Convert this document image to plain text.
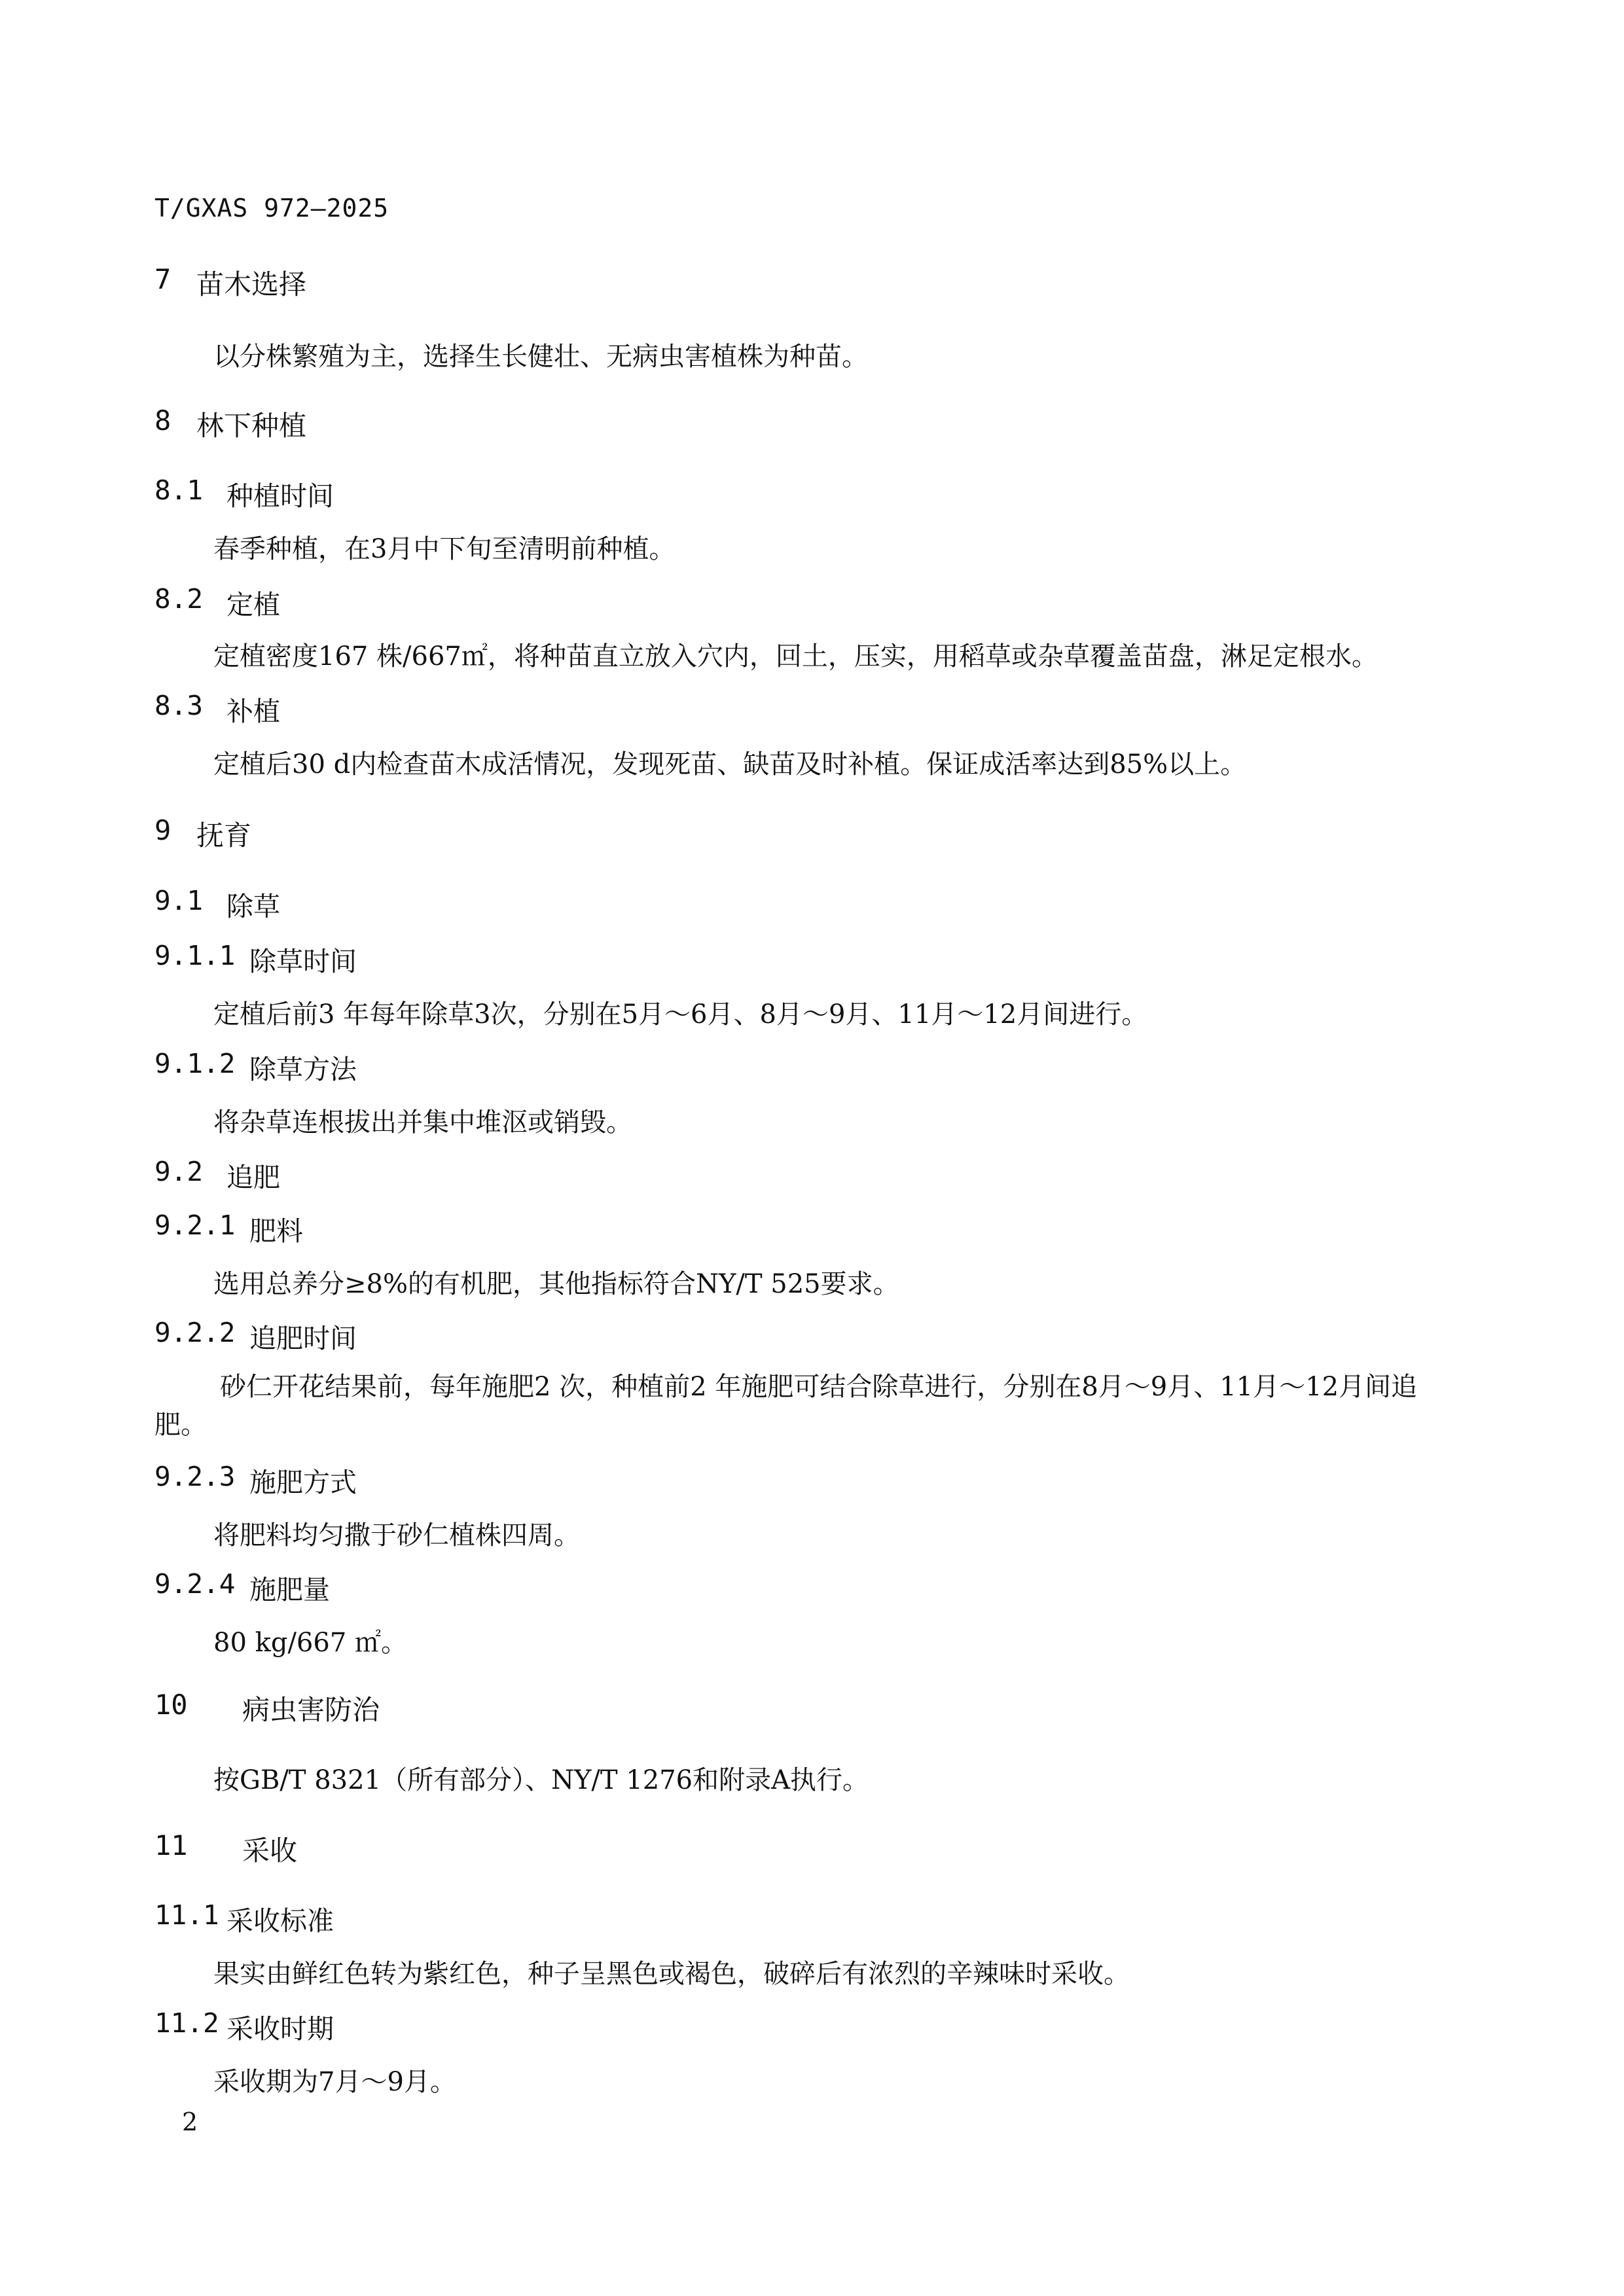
T/GXAS 972—2025
7 苗木选择
以分株繁殖为主，选择生长健壮、无病虫害植株为种苗。
8 林下种植
8.1 种植时间
春季种植，在3月中下旬至清明前种植。
8.2 定植
定植密度167 株/667㎡，将种苗直立放入穴内，回土，压实，用稻草或杂草覆盖苗盘，淋足定根水。
8.3 补植
定植后30 d内检查苗木成活情况，发现死苗、缺苗及时补植。保证成活率达到85%以上。
9 抚育
9.1 除草
9.1.1 除草时间
定植后前3 年每年除草3次，分别在5月～6月、8月～9月、11月～12月间进行。
9.1.2 除草方法
将杂草连根拔出并集中堆沤或销毁。
9.2 追肥
9.2.1 肥料
选用总养分≥8%的有机肥，其他指标符合NY/T 525要求。
9.2.2 追肥时间
砂仁开花结果前，每年施肥2 次，种植前2 年施肥可结合除草进行，分别在8月～9月、11月～12月间追肥。
9.2.3 施肥方式
将肥料均匀撒于砂仁植株四周。
9.2.4 施肥量
80 kg/667 ㎡。
10	病虫害防治
按GB/T 8321（所有部分）、NY/T 1276和附录A执行。
11	采收
11.1 采收标准
果实由鲜红色转为紫红色，种子呈黑色或褐色，破碎后有浓烈的辛辣味时采收。
11.2 采收时期
采收期为7月～9月。
2
